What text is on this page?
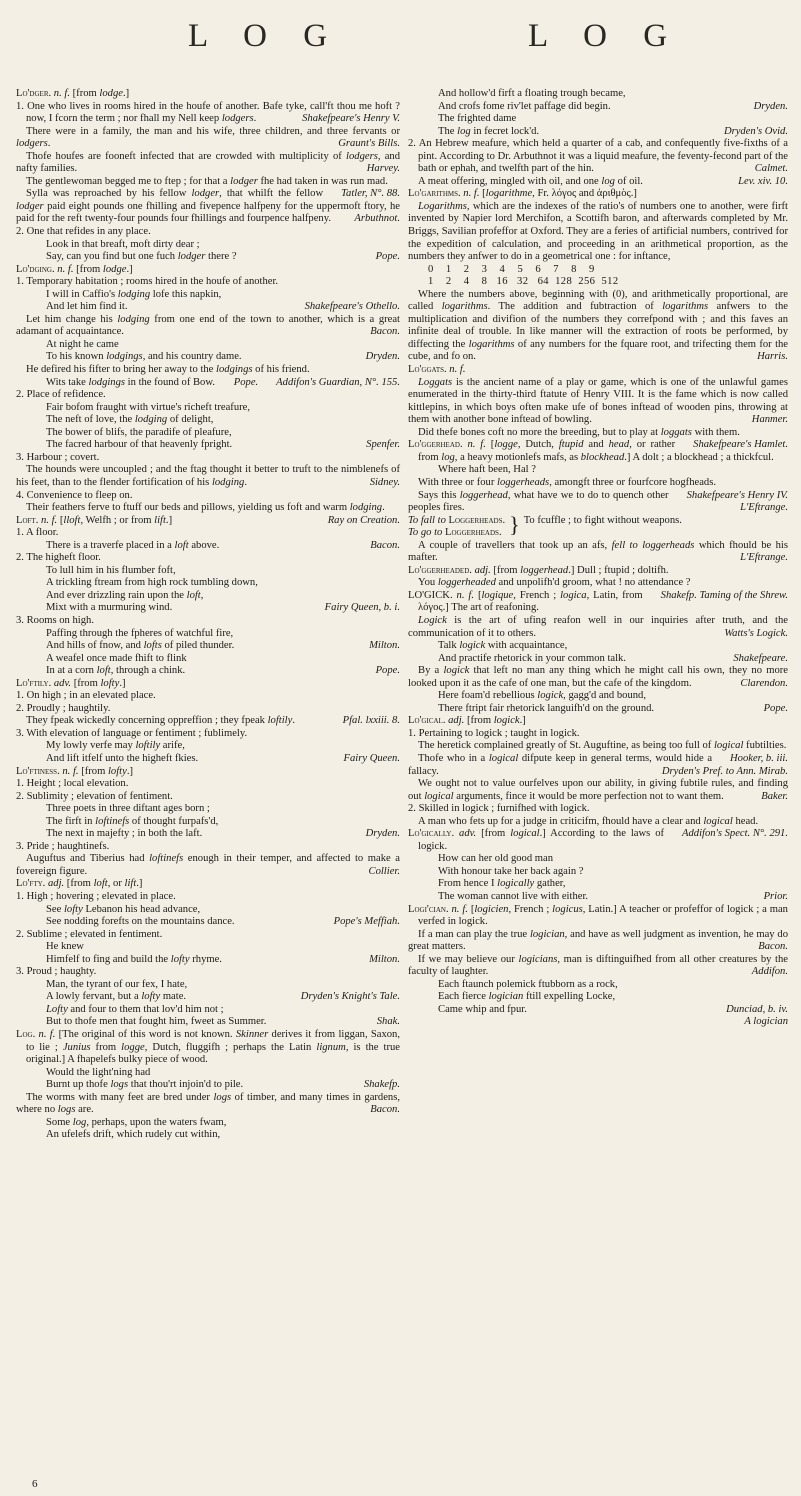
L O G	L O G

Lo'dger. n. f. [from lodge.]

1. One who lives in rooms hired in the houfe of another. Bafe tyke, call'ft thou me hoft ? now, I fcorn the term ; nor fhall my Nell keep lodgers.	Shakefpeare's Henry V.

There were in a family, the man and his wife, three children, and three fervants or lodgers.	Graunt's Bills.

Thofe houfes are fooneft infected that are crowded with multiplicity of lodgers, and nafty families.	Harvey.

The gentlewoman begged me to ftep ; for that a lodger fhe had taken in was run mad.
Tatler, N°. 88.

Sylla was reproached by his fellow lodger, that whilft the fellow lodger paid eight pounds one fhilling and fivepence halfpeny for the uppermoft ftory, he paid for the reft twenty-four pounds four fhillings and fourpence halfpeny.	Arbuthnot.

2. One that refides in any place.

Look in that breaft, moft dirty dear ;

Say, can you find but one fuch lodger there ?	Pope.

Lo'dging. n. f. [from lodge.]

1. Temporary habitation ; rooms hired in the houfe of another.

I will in Caffio's lodging lofe this napkin,

And let him find it.	Shakefpeare's Othello.

Let him change his lodging from one end of the town to another, which is a great adamant of acquaintance.	Bacon.

At night he came

To his known lodgings, and his country dame.	Dryden.

He defired his fifter to bring her away to the lodgings of his friend.
Addifon's Guardian, N°. 155.

Wits take lodgings in the found of Bow.	Pope.

2. Place of refidence.

Fair bofom fraught with virtue's richeft treafure,

The neft of love, the lodging of delight,

The bower of blifs, the paradife of pleafure,

The facred harbour of that heavenly fpright.	Spenfer.

3. Harbour ; covert.

The hounds were uncoupled ; and the ftag thought it better to truft to the nimblenefs of his feet, than to the flender fortification of his lodging.	Sidney.

4. Convenience to fleep on.

Their feathers ferve to ftuff our beds and pillows, yielding us foft and warm lodging.
Ray on Creation.

Loft. n. f. [lloft, Welfh ; or from lift.]

1. A floor.

There is a traverfe placed in a loft above.	Bacon.

2. The higheft floor.

To lull him in his flumber foft,

A trickling ftream from high rock tumbling down,

And ever drizzling rain upon the loft,

Mixt with a murmuring wind.	Fairy Queen, b. i.

3. Rooms on high.

Paffing through the fpheres of watchful fire,

And hills of fnow, and lofts of piled thunder.	Milton.

A weafel once made fhift to flink

In at a corn loft, through a chink.	Pope.

Lo'ftily. adv. [from lofty.]

1. On high ; in an elevated place.

2. Proudly ; haughtily.

They fpeak wickedly concerning oppreffion ; they fpeak loftily.	Pfal. lxxiii. 8.

3. With elevation of language or fentiment ; fublimely.

My lowly verfe may loftily arife,

And lift itfelf unto the higheft fkies.	Fairy Queen.

Lo'ftiness. n. f. [from lofty.]

1. Height ; local elevation.

2. Sublimity ; elevation of fentiment.

Three poets in three diftant ages born ;

The firft in loftinefs of thought furpafs'd,

The next in majefty ; in both the laft.	Dryden.

3. Pride ; haughtinefs.

Auguftus and Tiberius had loftinefs enough in their temper, and affected to make a fovereign figure.	Collier.

Lo'fty. adj. [from loft, or lift.]

1. High ; hovering ; elevated in place.

See lofty Lebanon his head advance,

See nodding forefts on the mountains dance.	Pope's Meffiah.

2. Sublime ; elevated in fentiment.

He knew

Himfelf to fing and build the lofty rhyme.	Milton.

3. Proud ; haughty.

Man, the tyrant of our fex, I hate,

A lowly fervant, but a lofty mate.	Dryden's Knight's Tale.

Lofty and four to them that lov'd him not ;

But to thofe men that fought him, fweet as Summer.	Shak.

Log. n. f. [The original of this word is not known. Skinner derives it from liggan, Saxon, to lie ; Junius from logge, Dutch, fluggifh ; perhaps the Latin lignum, is the true original.] A fhapelefs bulky piece of wood.

Would the light'ning had

Burnt up thofe logs that thou'rt injoin'd to pile.	Shakefp.

The worms with many feet are bred under logs of timber, and many times in gardens, where no logs are.	Bacon.

Some log, perhaps, upon the waters fwam,

An ufelefs drift, which rudely cut within,

And hollow'd firft a floating trough became,

And crofs fome riv'let paffage did begin.	Dryden.

The frighted dame

The log in fecret lock'd.	Dryden's Ovid.

2. An Hebrew meafure, which held a quarter of a cab, and confequently five-fixths of a pint. According to Dr. Arbuthnot it was a liquid meafure, the feventy-fecond part of the bath or ephah, and twelfth part of the hin.	Calmet.

A meat offering, mingled with oil, and one log of oil.	Lev. xiv. 10.

Lo'garithms. n. f. [logarithme, Fr. λόγος and ἀριθμὸς.]

Logarithms, which are the indexes of the ratio's of numbers one to another, were firft invented by Napier lord Merchifon, a Scottifh baron, and afterwards completed by Mr. Briggs, Savilian profeffor at Oxford. They are a feries of artificial numbers, contrived for the expedition of calculation, and proceeding in an arithmetical proportion, as the numbers they anfwer to do in a geometrical one : for inftance,

0    1    2    3    4    5    6    7    8    9

1    2    4    8   16   32   64  128  256  512

Where the numbers above, beginning with (0), and arithmetically proportional, are called logarithms. The addition and fubtraction of logarithms anfwers to the multiplication and divifion of the numbers they correfpond with ; and this faves an infinite deal of trouble. In like manner will the extraction of roots be performed, by diffecting the logarithms of any numbers for the fquare root, and trifecting them for the cube, and fo on.	Harris.

Lo'ggats. n. f.

Loggats is the ancient name of a play or game, which is one of the unlawful games enumerated in the thirty-third ftatute of Henry VIII. It is the fame which is now called kittlepins, in which boys often make ufe of bones inftead of wooden pins, throwing at them with another bone inftead of bowling.	Hanmer.

Did thefe bones coft no more the breeding, but to play at loggats with them.
Shakefpeare's Hamlet.

Lo'ggerhead. n. f. [logge, Dutch, ftupid and head, or rather from log, a heavy motionlefs mafs, as blockhead.] A dolt ; a blockhead ; a thickfcul.

Where haft been, Hal ?

With three or four loggerheads, amongft three or fourfcore hogfheads.
Shakefpeare's Henry IV.

Says this loggerhead, what have we to do to quench other peoples fires.	L'Eftrange.

To fall to Loggerheads.
To go to Loggerheads. } To fcuffle ; to fight without weapons.

A couple of travellers that took up an afs, fell to loggerheads which fhould be his mafter.	L'Eftrange.

Lo'ggerheaded. adj. [from loggerhead.] Dull ; ftupid ; doltifh.

You loggerheaded and unpolifh'd groom, what ! no attendance ?
Shakefp. Taming of the Shrew.

LO'GICK. n. f. [logique, French ; logica, Latin, from λόγος.] The art of reafoning.

Logick is the art of ufing reafon well in our inquiries after truth, and the communication of it to others.	Watts's Logick.

Talk logick with acquaintance,

And practife rhetorick in your common talk.	Shakefpeare.

By a logick that left no man any thing which he might call his own, they no more looked upon it as the cafe of one man, but the cafe of the kingdom.	Clarendon.

Here foam'd rebellious logick, gagg'd and bound,

There ftript fair rhetorick languifh'd on the ground.	Pope.

Lo'gical. adj. [from logick.]

1. Pertaining to logick ; taught in logick.

The heretick complained greatly of St. Auguftine, as being too full of logical fubtilties.
Hooker, b. iii.

Thofe who in a logical difpute keep in general terms, would hide a fallacy.	Dryden's Pref. to Ann. Mirab.

We ought not to value ourfelves upon our ability, in giving fubtile rules, and finding out logical arguments, fince it would be more perfection not to want them.	Baker.

2. Skilled in logick ; furnifhed with logick.

A man who fets up for a judge in criticifm, fhould have a clear and logical head.
Addifon's Spect. N°. 291.

Lo'gically. adv. [from logical.] According to the laws of logick.

How can her old good man

With honour take her back again ?

From hence I logically gather,

The woman cannot live with either.	Prior.

Logi'cian. n. f. [logicien, French ; logicus, Latin.] A teacher or profeffor of logick ; a man verfed in logick.

If a man can play the true logician, and have as well judgment as invention, he may do great matters.	Bacon.

If we may believe our logicians, man is diftinguifhed from all other creatures by the faculty of laughter.	Addifon.

Each ftaunch polemick ftubborn as a rock,

Each fierce logician ftill expelling Locke,

Came whip and fpur.	Dunciad, b. iv.

A logician

6
